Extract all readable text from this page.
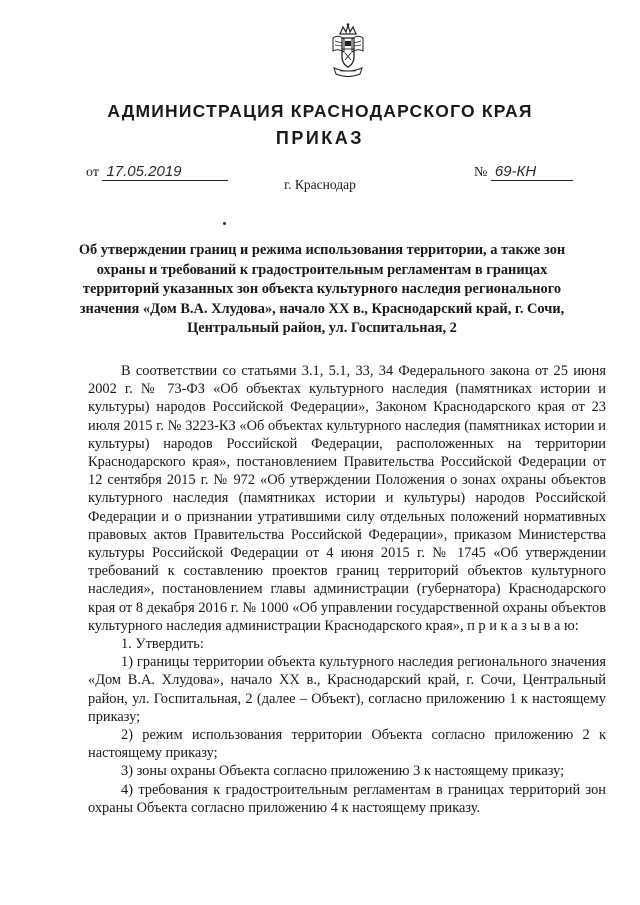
АДМИНИСТРАЦИЯ КРАСНОДАРСКОГО КРАЯ
ПРИКАЗ
от 17.05.2019	№ 69-КН
г. Краснодар
Об утверждении границ и режима использования территории, а также зон охраны и требований к градостроительным регламентам в границах территорий указанных зон объекта культурного наследия регионального значения «Дом В.А. Хлудова», начало XX в., Краснодарский край, г. Сочи, Центральный район, ул. Госпитальная, 2

В соответствии со статьями 3.1, 5.1, 33, 34 Федерального закона от 25 июня 2002 г. № 73-ФЗ «Об объектах культурного наследия (памятниках истории и культуры) народов Российской Федерации», Законом Краснодарского края от 23 июля 2015 г. № 3223-КЗ «Об объектах культурного наследия (памятниках истории и культуры) народов Российской Федерации, расположенных на территории Краснодарского края», постановлением Правительства Российской Федерации от 12 сентября 2015 г. № 972 «Об утверждении Положения о зонах охраны объектов культурного наследия (памятниках истории и культуры) народов Российской Федерации и о признании утратившими силу отдельных положений нормативных правовых актов Правительства Российской Федерации», приказом Министерства культуры Российской Федерации от 4 июня 2015 г. № 1745 «Об утверждении требований к составлению проектов границ территорий объектов культурного наследия», постановлением главы администрации (губернатора) Краснодарского края от 8 декабря 2016 г. № 1000 «Об управлении государственной охраны объектов культурного наследия администрации Краснодарского края», п р и к а з ы в а ю:

1. Утвердить:

1) границы территории объекта культурного наследия регионального значения «Дом В.А. Хлудова», начало XX в., Краснодарский край, г. Сочи, Центральный район, ул. Госпитальная, 2 (далее – Объект), согласно приложению 1 к настоящему приказу;

2) режим использования территории Объекта согласно приложению 2 к настоящему приказу;

3) зоны охраны Объекта согласно приложению 3 к настоящему приказу;

4) требования к градостроительным регламентам в границах территорий зон охраны Объекта согласно приложению 4 к настоящему приказу.
